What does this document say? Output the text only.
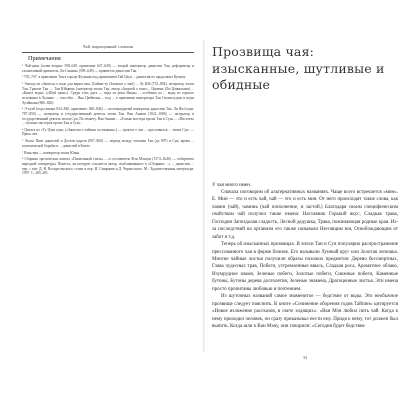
Чай, выращенный словами
Примечания

¹ Чай-цзин (глава вторая: 598–649, правление 627–649) — второй император династии Тан, реформатор и талантливый правитель. Ли Сыминь (599–649) — правитель династии Тан.

² 705–767: в правлении Тан в городе Фуцзянь под правлением Тай Цзун ... династия по продолжил Кучжоу.

³ Эпизод из «Записок о воде для варки чая» (Сяйжи-лу (Записки о чае)) ... Лу Юй (733–804), литератор эпохи Тан. Трактат Тан — Тан Юйцюнь (литератор эпохи Тан, автор «Записей о гоне»... Цяоюнь (Ли Цзиньшэня) ... «Книга воды» («Шуй цзин»). Среди этих двух — вода из реки Янцзы ... особенно из ... воды из горного источника в Лушане, ... способы ... Янь Цюйюань ... под ... в правлении императора Тан Сюань-цзуна и воды Хуэйшаня (806–820).

⁴ Э-хуэй (годы жизни 834–840, правление: 840–846) — восемнадцатый император династии Тан. Ли Ян (годы: 787–850) — литератор и государственный деятель эпохи Тан. Ван Аньши (1021–1086) — литератор и государственный деятель эпохи Сун. По сюжету, Ван Аньши ... «Только мастера прозы Тан и Сун» ... «Писатель ... лучших мастеров прозы Тан и Сун».

⁵ Цитата из «Ту Цзун цзы» («Записки о чайном состязании») — трактат о чае ... прославился ... эпохи Сун. — Прим. авт.

⁶ Эпоха Пяти династий и Десяти царств (907–960) — период между эпохами Тан (до 907) и Сун, время ... политической борьбы и ... династий в Китае.

⁷ Вэнь-ван — император эпохи Юань.

⁸ Сборник эротических новелл «Пилюльный стиль» ... и составитель Фэн Мэнлун (1574–1646) — собиратель народной литературы. Повесть, на которую ссылается автор, опубликованное в «Сборнике ...» ... династии ... пер. с кит. Д. Н. Воскресенского; стихи в пер. И. Смирнова и Д. Черкасского. М.: Художественная литература, 1997. С. 269–281.

Прозвища чая: изысканные, шутливые и обидные

У чая много имен.

Сначала поговорим об альтернативных названиях. Чаще всего встречается «мин». Е. Мин — это и есть чай, чай — это и есть мин. От него происходят такие слова, как чамин (чай), чаминь (чай пополнение, и застой.) Благодаря своим специфическим свойствам чай получил такие имена: Наставник Горький вкус, Сладкая трава, Господин Запоздалая сладость, Лесной дедушка, Трава, пожинающая родные края. Из-за последствий на организм его также называли Неспящим юн, Освобождающим от забот и т.д.

Теперь об изысканных прозвищах. В эпохи Тан и Сун популярно распространение прессованного чая в форме блинов. Его называли Лунный круг или Золотая лепешка. Многие чайные листья получили образы похожих предметов: Дерево бессмертных, Глава чудесных трав, Побеги, устремленные ввысь, Сладкая роса, Ароматное облако, Изумрудное знамя, Зеленые побеги, Золотые побеги, Снежные побеги, Каменные бутоны, Бутоны дерева долголетия, Зеленые знамена, Драгоценные листья. Эти имена просто пропитаны любовью и почтением.

Из шуточных названий самое знаменитое — бедствие от воды. Это необычное прозвище следует пояснить. В книге «Сочинение оборения годов Тайпин» цитируется «Новое изложение рассказов, в свете ходящих»: «Ван Мэн любил пить чай. Когда к нему приходил человек, он сразу приказывал нести ему. Придя к нему, тот должен был выпить. Когда шли к Ван Мэну, они говорили: «Сегодня будет бедствие

33
